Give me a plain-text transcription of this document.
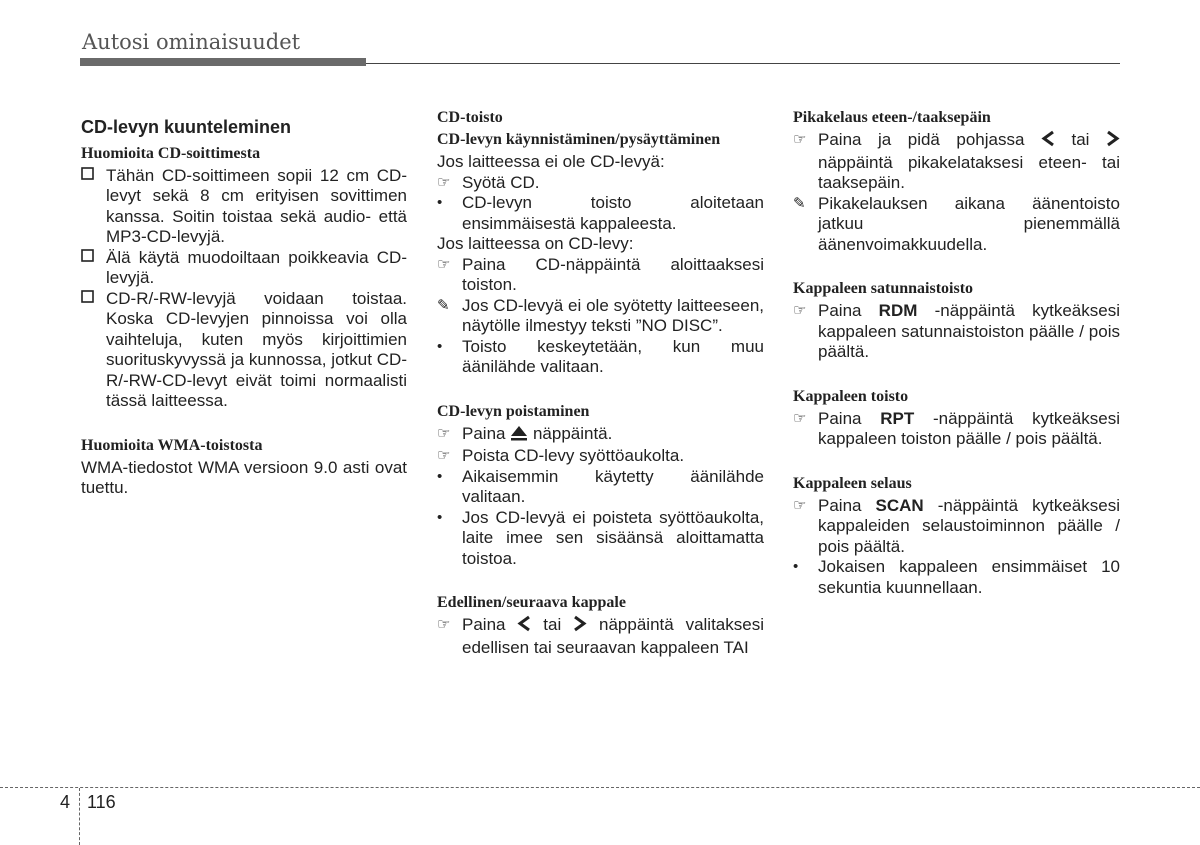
Autosi ominaisuudet
CD-levyn kuunteleminen
Huomioita CD-soittimesta
Tähän CD-soittimeen sopii 12 cm CD-levyt sekä 8 cm erityisen sovittimen kanssa. Soitin toistaa sekä audio- että MP3-CD-levyjä.
Älä käytä muodoiltaan poikkeavia CD-levyjä.
CD-R/-RW-levyjä voidaan toistaa. Koska CD-levyjen pinnoissa voi olla vaihteluja, kuten myös kirjoittimien suorituskyvyssä ja kunnossa, jotkut CD-R/-RW-CD-levyt eivät toimi normaalisti tässä laitteessa.
Huomioita WMA-toistosta
WMA-tiedostot WMA versioon 9.0 asti ovat tuettu.
CD-toisto
CD-levyn käynnistäminen/pysäyttäminen
Jos laitteessa ei ole CD-levyä:
☞ Syötä CD.
•	CD-levyn toisto aloitetaan ensimmäisestä kappaleesta.
Jos laitteessa on CD-levy:
☞ Paina CD-näppäintä aloittaaksesi toiston.
✎ Jos CD-levyä ei ole syötetty laitteeseen, näytölle ilmestyy teksti ”NO DISC”.
•	Toisto keskeytetään, kun muu äänilähde valitaan.
CD-levyn poistaminen
☞ Paina näppäintä.
☞ Poista CD-levy syöttöaukolta.
•	Aikaisemmin käytetty äänilähde valitaan.
•	Jos CD-levyä ei poisteta syöttöaukolta, laite imee sen sisäänsä aloittamatta toistoa.
Edellinen/seuraava kappale
☞ Paina tai näppäintä valitaksesi edellisen tai seuraavan kappaleen TAI
Pikakelaus eteen-/taaksepäin
☞ Paina ja pidä pohjassa	tai  näppäintä pikakelataksesi eteen- tai taaksepäin.
✎ Pikakelauksen aikana äänentoisto jatkuu pienemmällä äänenvoimakkuudella.
Kappaleen satunnaistoisto
☞ Paina RDM -näppäintä kytkeäksesi kappaleen satunnaistoiston päälle / pois päältä.
Kappaleen toisto
☞ Paina RPT -näppäintä kytkeäksesi kappaleen toiston päälle / pois päältä.
Kappaleen selaus
☞ Paina SCAN -näppäintä kytkeäksesi kappaleiden selaustoiminnon päälle / pois päältä.
•	Jokaisen kappaleen ensimmäiset 10 sekuntia kuunnellaan.
4 116
